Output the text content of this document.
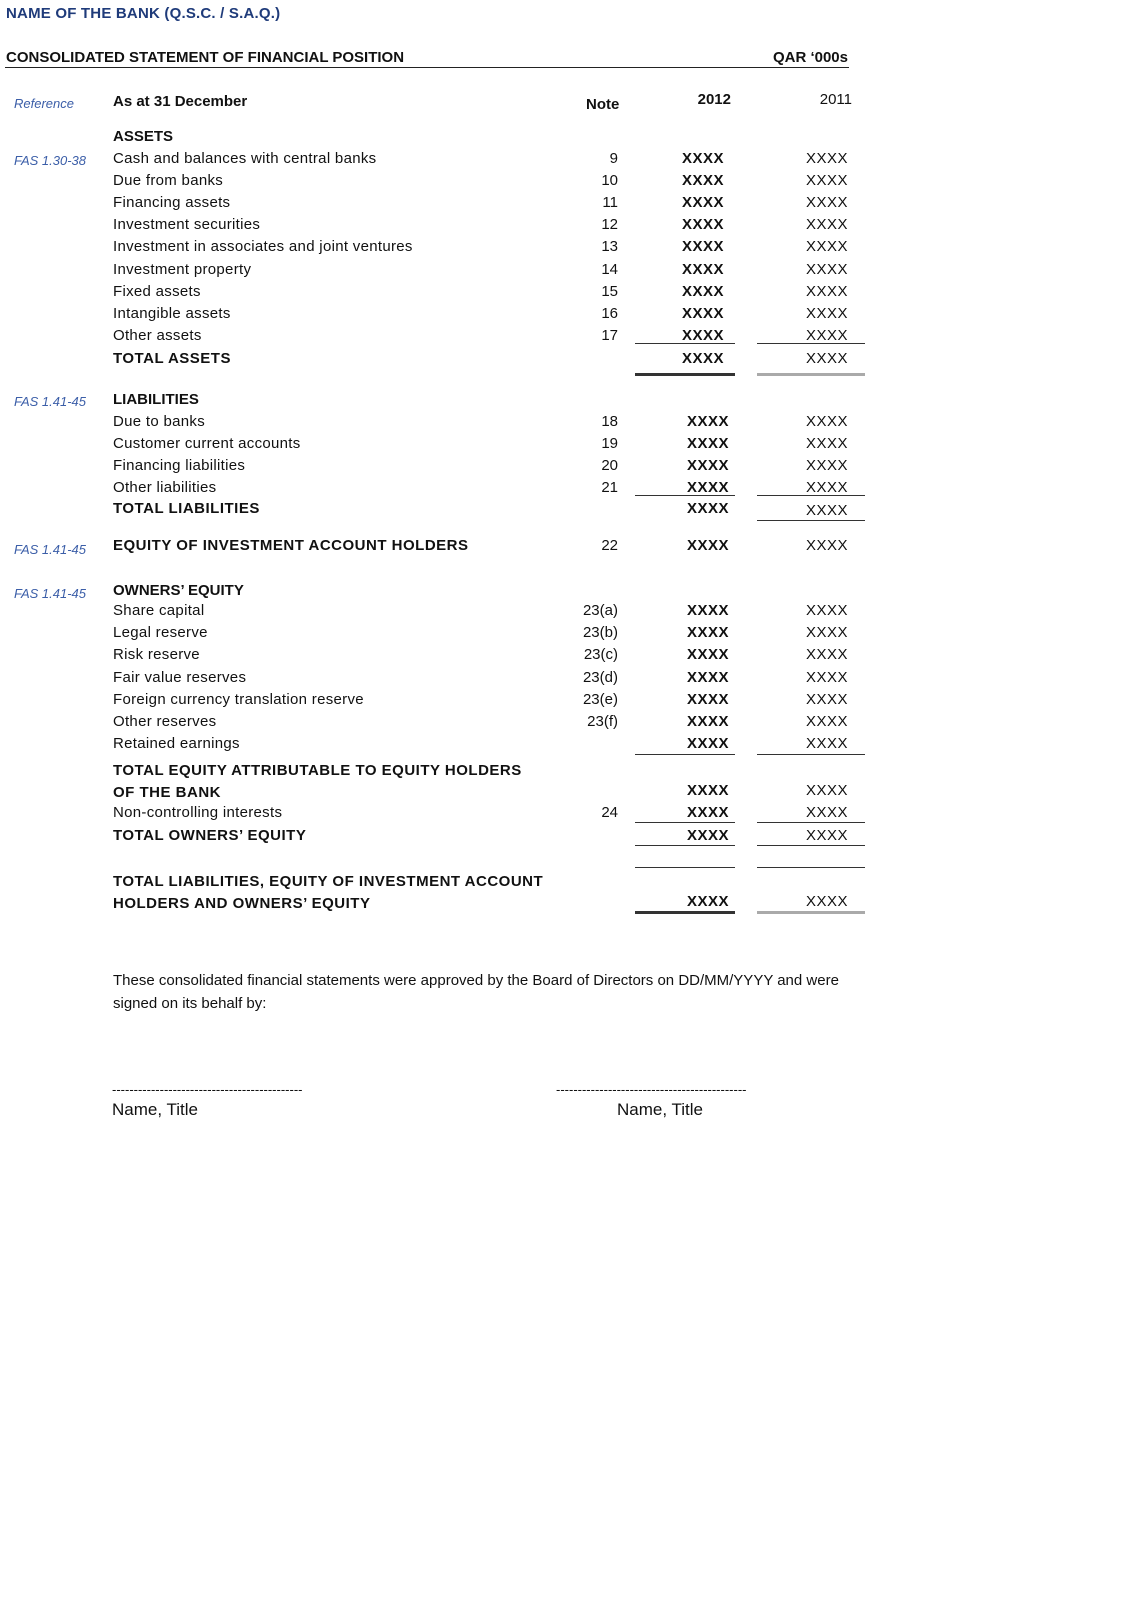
NAME OF THE BANK (Q.S.C. / S.A.Q.)
CONSOLIDATED STATEMENT OF FINANCIAL POSITION	QAR ‘000s
Reference	As at 31 December	Note	2012	2011
ASSETS
FAS 1.30-38 Cash and balances with central banks	9	XXXX	XXXX
Due from banks	10	XXXX	XXXX
Financing assets	11	XXXX	XXXX
Investment securities	12	XXXX	XXXX
Investment in associates and joint ventures	13	XXXX	XXXX
Investment property	14	XXXX	XXXX
Fixed assets	15	XXXX	XXXX
Intangible assets	16	XXXX	XXXX
Other assets	17	XXXX	XXXX
TOTAL ASSETS	XXXX	XXXX
FAS 1.41-45 LIABILITIES
Due to banks	18	XXXX	XXXX
Customer current accounts	19	XXXX	XXXX
Financing liabilities	20	XXXX	XXXX
Other liabilities	21	XXXX	XXXX
TOTAL LIABILITIES	XXXX	XXXX
FAS 1.41-45 EQUITY OF INVESTMENT ACCOUNT HOLDERS	22	XXXX	XXXX
FAS 1.41-45 OWNERS’ EQUITY
Share capital	23(a)	XXXX	XXXX
Legal reserve	23(b)	XXXX	XXXX
Risk reserve	23(c)	XXXX	XXXX
Fair value reserves	23(d)	XXXX	XXXX
Foreign currency translation reserve	23(e)	XXXX	XXXX
Other reserves	23(f)	XXXX	XXXX
Retained earnings	XXXX	XXXX
TOTAL EQUITY ATTRIBUTABLE TO EQUITY HOLDERS
OF THE BANK	XXXX	XXXX
Non-controlling interests	24	XXXX	XXXX
TOTAL OWNERS’ EQUITY	XXXX	XXXX
TOTAL LIABILITIES, EQUITY OF INVESTMENT ACCOUNT
HOLDERS AND OWNERS’ EQUITY	XXXX	XXXX
These consolidated financial statements were approved by the Board of Directors on DD/MM/YYYY and were signed on its behalf by:
--------------------------------------------	--------------------------------------------
Name, Title	Name, Title
